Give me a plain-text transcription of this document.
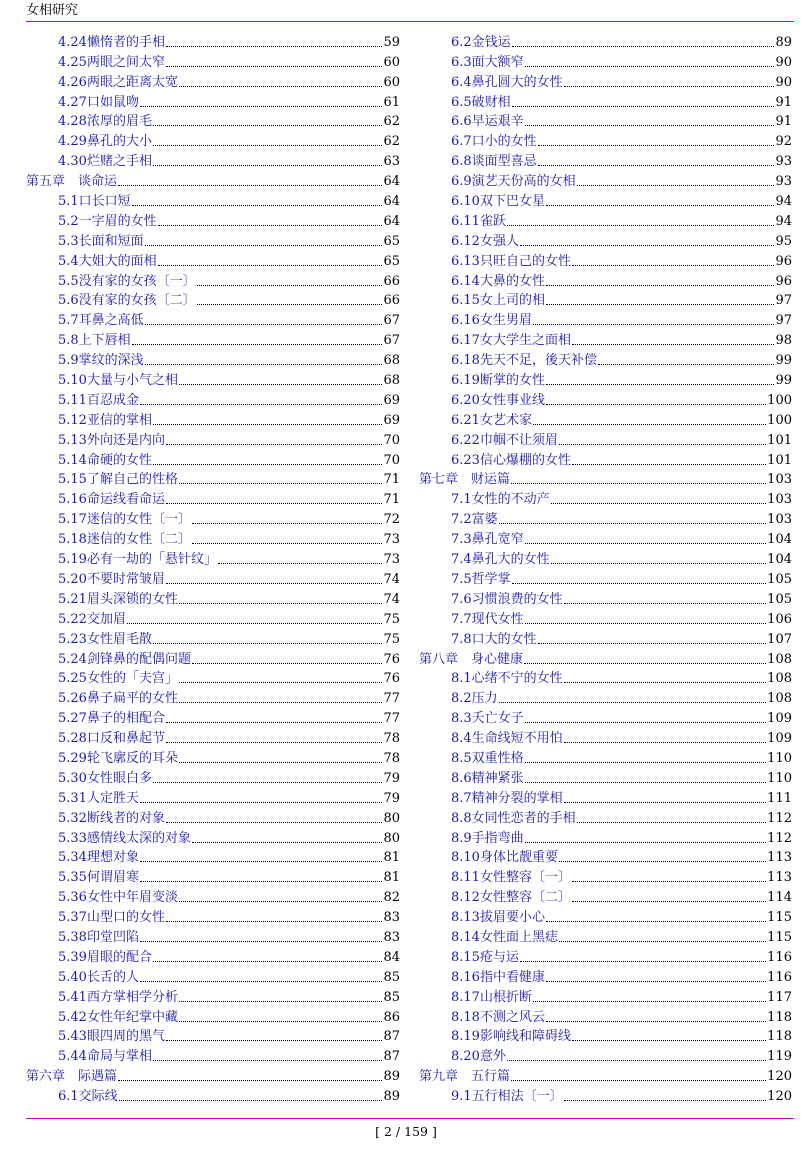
女相研究
4.24懒惰者的手相	59
4.25两眼之间太窄	60
4.26两眼之距离太宽	60
4.27口如鼠吻	61
4.28浓厚的眉毛	62
4.29鼻孔的大小	62
4.30烂赌之手相	63
第五章　谈命运	64
5.1口长口短	64
5.2一字眉的女性	64
5.3长面和短面	65
5.4大姐大的面相	65
5.5没有家的女孩〔一〕	66
5.6没有家的女孩〔二〕	66
5.7耳鼻之高低	67
5.8上下唇相	67
5.9掌纹的深浅	68
5.10大量与小气之相	68
5.11百忍成金	69
5.12亚信的掌相	69
5.13外向还是内向	70
5.14命硬的女性	70
5.15了解自己的性格	71
5.16命运线看命运	71
5.17迷信的女性〔一〕	72
5.18迷信的女性〔二〕	73
5.19必有一劫的「悬针纹」	73
5.20不要时常皱眉	74
5.21眉头深锁的女性	74
5.22交加眉	75
5.23女性眉毛散	75
5.24剑锋鼻的配偶问题	76
5.25女性的「夫宫」	76
5.26鼻子扁平的女性	77
5.27鼻子的相配合	77
5.28口反和鼻起节	78
5.29轮飞廓反的耳朵	78
5.30女性眼白多	79
5.31人定胜天	79
5.32断线者的对象	80
5.33感情线太深的对象	80
5.34理想对象	81
5.35何谓眉寒	81
5.36女性中年眉变淡	82
5.37山型口的女性	83
5.38印堂凹陷	83
5.39眉眼的配合	84
5.40长舌的人	85
5.41西方掌相学分析	85
5.42女性年纪掌中藏	86
5.43眼四周的黑气	87
5.44命局与掌相	87
第六章　际遇篇	89
6.1交际线	89
6.2金钱运	89
6.3面大额窄	90
6.4鼻孔圆大的女性	90
6.5破财相	91
6.6早运艰辛	91
6.7口小的女性	92
6.8谈面型喜忌	93
6.9演艺天份高的女相	93
6.10双下巴女星	94
6.11雀跃	94
6.12女强人	95
6.13只旺自己的女性	96
6.14大鼻的女性	96
6.15女上司的相	97
6.16女生男眉	97
6.17女大学生之面相	98
6.18先天不足，後天补偿	99
6.19断掌的女性	99
6.20女性事业线	100
6.21女艺术家	100
6.22巾帼不让须眉	101
6.23信心爆棚的女性	101
第七章　财运篇	103
7.1女性的不动产	103
7.2富婆	103
7.3鼻孔宽窄	104
7.4鼻孔大的女性	104
7.5哲学掌	105
7.6习惯浪费的女性	105
7.7现代女性	106
7.8口大的女性	107
第八章　身心健康	108
8.1心绪不宁的女性	108
8.2压力	108
8.3夭亡女子	109
8.4生命线短不用怕	109
8.5双重性格	110
8.6精神紧张	110
8.7精神分裂的掌相	111
8.8女同性恋者的手相	112
8.9手指弯曲	112
8.10身体比靓重要	113
8.11女性整容〔一〕	113
8.12女性整容〔二〕	114
8.13拔眉要小心	115
8.14女性面上黑痣	115
8.15疮与运	116
8.16指中看健康	116
8.17山根折断	117
8.18不测之风云	118
8.19影响线和障碍线	118
8.20意外	119
第九章　五行篇	120
9.1五行相法〔一〕	120
[ 2 / 159 ]
